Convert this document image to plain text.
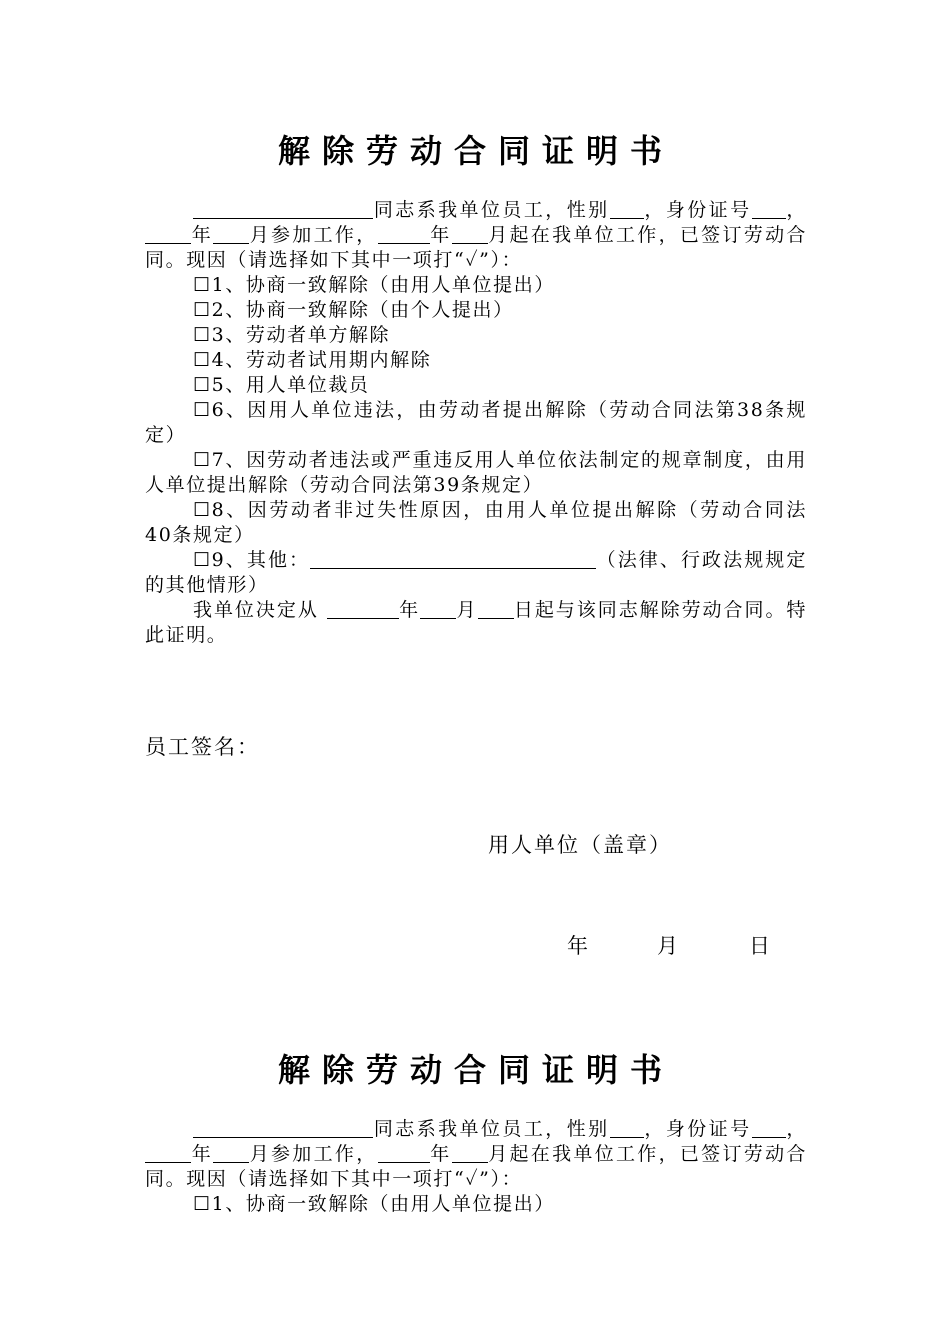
解除劳动合同证明书

同志系我单位员工，性别 ，身份证号 ，年 月参加工作，	年 月起在我单位工作，已签订劳动合同。现因（请选择如下其中一项打“✓”）：

☐1、协商一致解除（由用人单位提出）

☐2、协商一致解除（由个人提出）

☐3、劳动者单方解除

☐4、劳动者试用期内解除

☐5、用人单位裁员

☐6、因用人单位违法，由劳动者提出解除（劳动合同法第38条规定）

☐7、因劳动者违法或严重违反用人单位依法制定的规章制度，由用人单位提出解除（劳动合同法第39条规定）

☐8、因劳动者非过失性原因，由用人单位提出解除（劳动合同法40条规定）

☐9、其他：	（法律、行政法规规定的其他情形）

我单位决定从	年 月 日起与该同志解除劳动合同。特此证明。

员工签名：
用人单位（盖章）
年	月	日
解除劳动合同证明书

同志系我单位员工，性别 ，身份证号 ，年 月参加工作，	年 月起在我单位工作，已签订劳动合同。现因（请选择如下其中一项打“✓”）：

☐1、协商一致解除（由用人单位提出）
